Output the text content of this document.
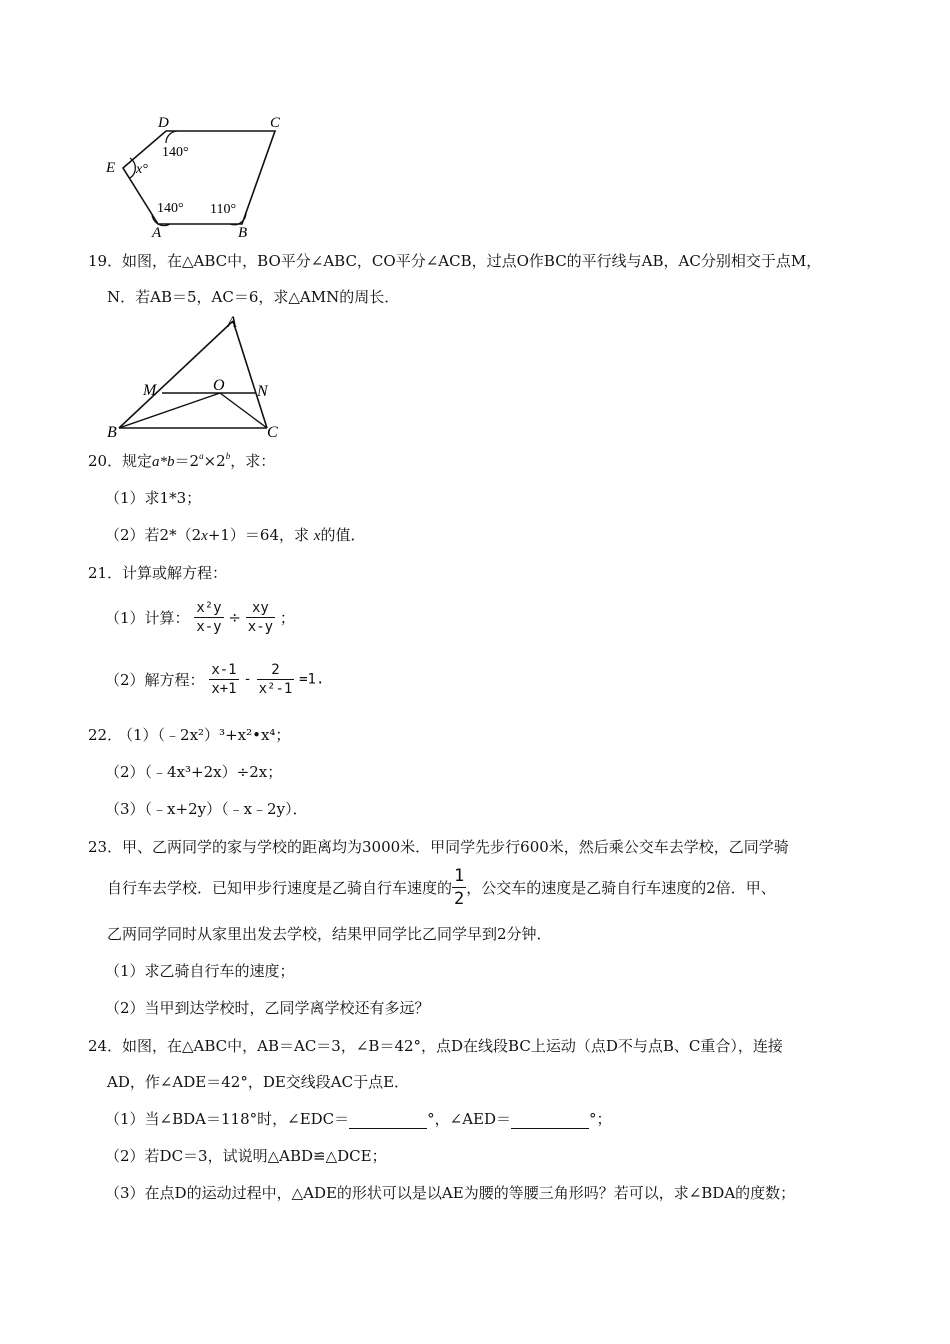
D	C
E
A	B
140°
x°
140° 110°
19． 如图，在△ABC中，BO平分∠ABC，CO平分∠ACB，过点O作BC的平行线与AB，AC分别相交于点M，
N．若AB＝5，AC＝6，求△AMN的周长．
A
B	C
M	N
O
20． 规定$a*b=2^a\times 2^b$，求：
（1）求1*3；
（2）若2*（2x+1）＝64，求 x的值．
21． 计算或解方程：
（1）计算： $\frac{\text{x²y}}{x-y} \div \frac{xy}{x-y}$ ；
（2）解方程： $\frac{x-1}{x+1} - \frac{2}{\text{x²-1}} =1$.
22．
（1）（﹣2x²）³+x²•x⁴；
（2）（﹣4x³+2x）÷2x；
（3）（﹣x+2y）（﹣x﹣2y）．
23． 甲、乙两同学的家与学校的距离均为3000米．甲同学先步行600米，然后乘公交车去学校，乙同学骑
自行车去学校．已知甲步行速度是乙骑自行车速度的 $\frac{1}{2}$ ，公交车的速度是乙骑自行车速度的2倍．甲、
乙两同学同时从家里出发去学校，结果甲同学比乙同学早到2分钟．
（1）求乙骑自行车的速度；
（2）当甲到达学校时，乙同学离学校还有多远？
24． 如图，在△ABC中，AB＝AC＝3，∠B＝42°，点D在线段BC上运动（点D不与点B、C重合），连接
AD，作∠ADE＝42°，DE交线段AC于点E．
（1）当∠BDA＝118°时，∠EDC＝	°，∠AED＝	°；
（2）若DC＝3，试说明△ABD≌△DCE；
（3）在点D的运动过程中，△ADE的形状可以是以AE为腰的等腰三角形吗？若可以，求∠BDA的度数；
